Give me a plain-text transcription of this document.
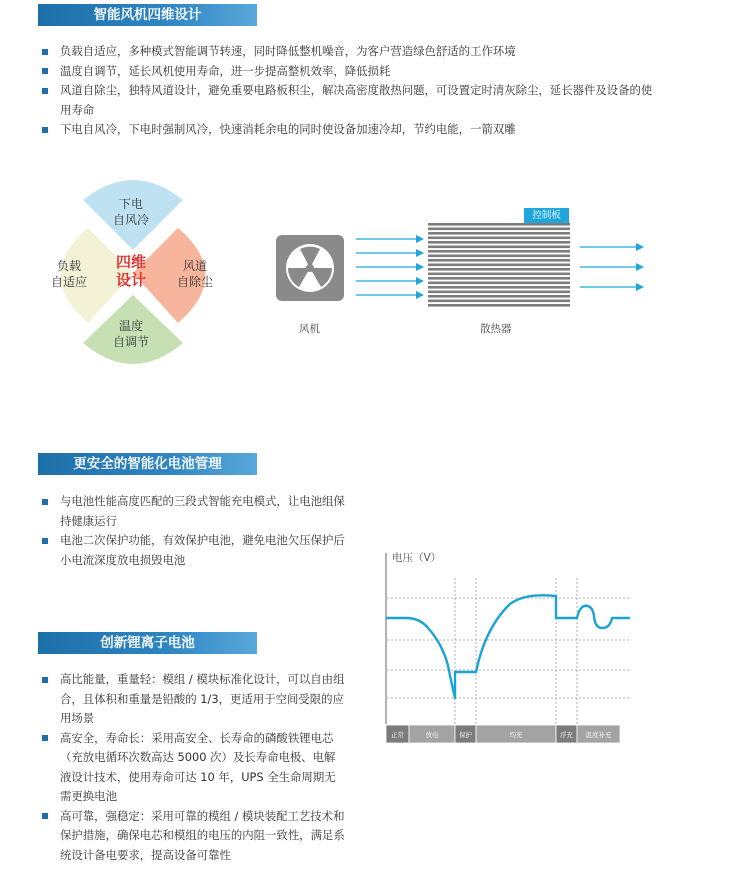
智能风机四维设计
负载自适应，多种模式智能调节转速，同时降低整机噪音，为客户营造绿色舒适的工作环境
温度自调节，延长风机使用寿命，进一步提高整机效率，降低损耗
风道自除尘，独特风道设计，避免重要电路板积尘，解决高密度散热问题，可设置定时清灰除尘，延长器件及设备的使用寿命
下电自风冷，下电时强制风冷，快速消耗余电的同时使设备加速冷却，节约电能，一箭双雕
下电
自风冷
风道
自除尘
温度
自调节
负载
自适应
四维
设计
控制板
风机	散热器
更安全的智能化电池管理
与电池性能高度匹配的三段式智能充电模式，让电池组保持健康运行
电池二次保护功能，有效保护电池，避免电池欠压保护后小电流深度放电损毁电池
创新锂离子电池
高比能量，重量轻：模组 / 模块标准化设计，可以自由组合，且体积和重量是铅酸的 1/3，更适用于空间受限的应用场景
高安全，寿命长：采用高安全、长寿命的磷酸铁锂电芯（充放电循环次数高达 5000 次）及长寿命电极、电解液设计技术，使用寿命可达 10 年，UPS 全生命周期无需更换电池
高可靠，强稳定：采用可靠的模组 / 模块装配工艺技术和保护措施，确保电芯和模组的电压的内阻一致性，满足系统设计备电要求，提高设备可靠性
电压（V）
正常	放电	保护	均充	浮充 温度补充
